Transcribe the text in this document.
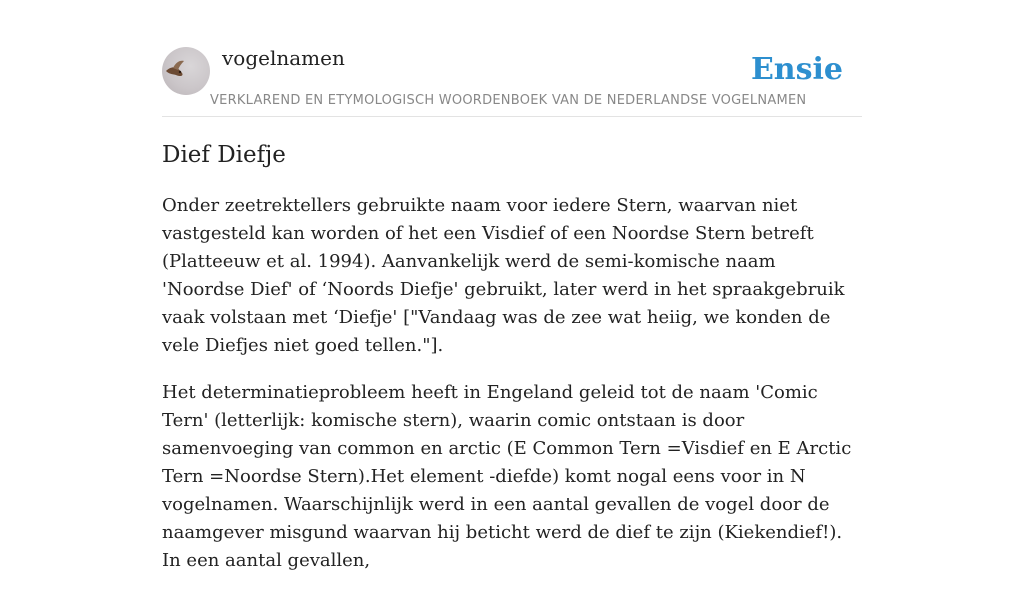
vogelnamen
VERKLAREND EN ETYMOLOGISCH WOORDENBOEK VAN DE NEDERLANDSE VOGELNAMEN
Ensie
Dief Diefje

Onder zeetrektellers gebruikte naam voor iedere Stern, waarvan niet vastgesteld kan worden of het een Visdief of een Noordse Stern betreft (Platteeuw et al. 1994). Aanvankelijk werd de semi-komische naam 'Noordse Dief' of ‘Noords Diefje' gebruikt, later werd in het spraakgebruik vaak volstaan met ‘Diefje' ["Vandaag was de zee wat heiig, we konden de vele Diefjes niet goed tellen."].

Het determinatieprobleem heeft in Engeland geleid tot de naam 'Comic Tern' (letterlijk: komische stern), waarin comic ontstaan is door samenvoeging van common en arctic (E Common Tern =Visdief en E Arctic Tern =Noordse Stern).Het element -diefde) komt nogal eens voor in N vogelnamen. Waarschijnlijk werd in een aantal gevallen de vogel door de naamgever misgund waarvan hij beticht werd de dief te zijn (Kiekendief!). In een aantal gevallen,
